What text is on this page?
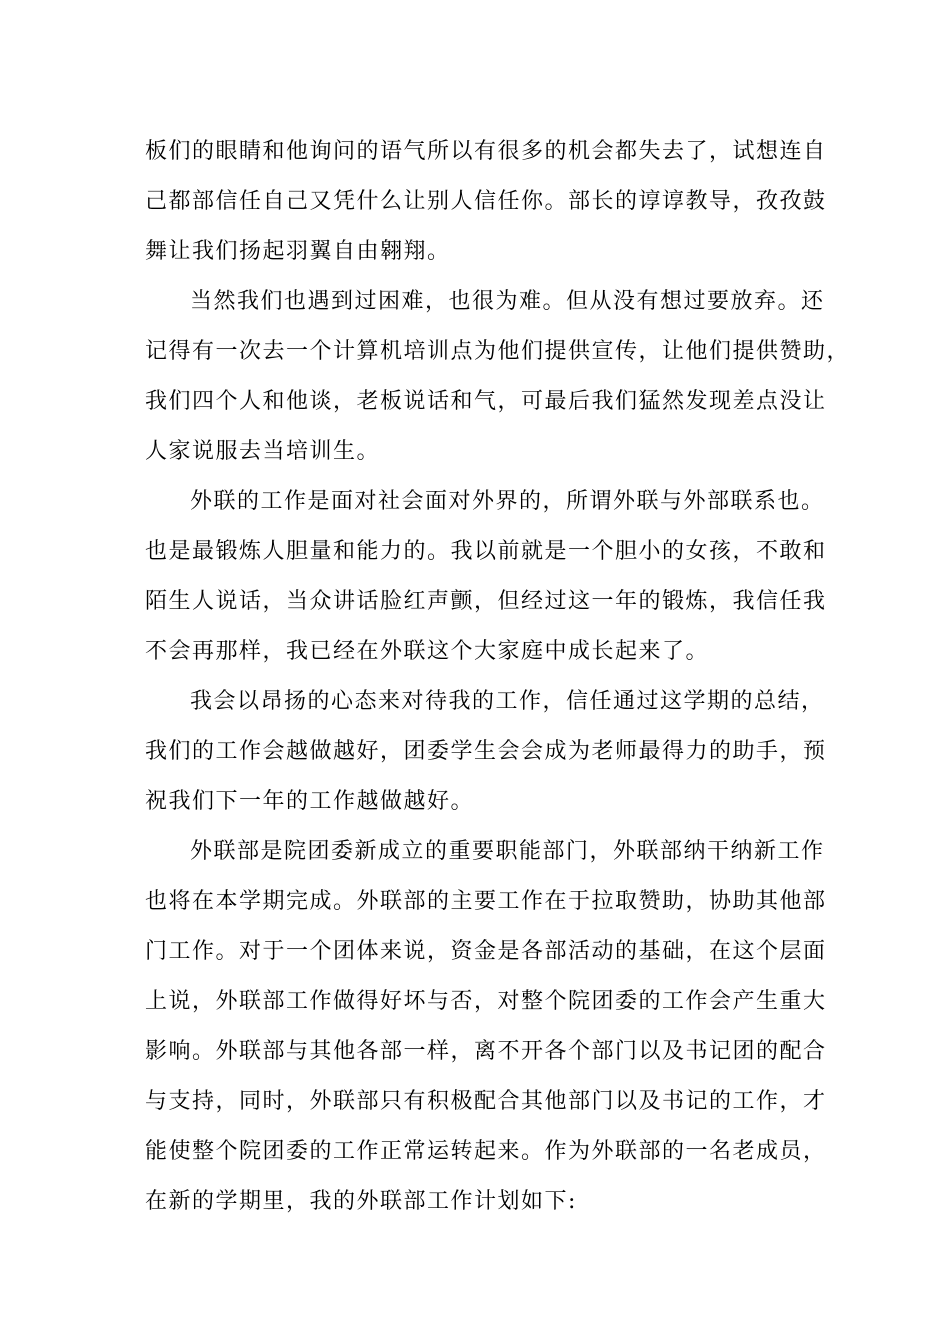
板们的眼睛和他询问的语气所以有很多的机会都失去了，试想连自
己都部信任自己又凭什么让别人信任你。部长的谆谆教导，孜孜鼓
舞让我们扬起羽翼自由翱翔。
当然我们也遇到过困难，也很为难。但从没有想过要放弃。还
记得有一次去一个计算机培训点为他们提供宣传，让他们提供赞助，
我们四个人和他谈，老板说话和气，可最后我们猛然发现差点没让
人家说服去当培训生。
外联的工作是面对社会面对外界的，所谓外联与外部联系也。
也是最锻炼人胆量和能力的。我以前就是一个胆小的女孩，不敢和
陌生人说话，当众讲话脸红声颤，但经过这一年的锻炼，我信任我
不会再那样，我已经在外联这个大家庭中成长起来了。
我会以昂扬的心态来对待我的工作，信任通过这学期的总结，
我们的工作会越做越好，团委学生会会成为老师最得力的助手，预
祝我们下一年的工作越做越好。
外联部是院团委新成立的重要职能部门，外联部纳干纳新工作
也将在本学期完成。外联部的主要工作在于拉取赞助，协助其他部
门工作。对于一个团体来说，资金是各部活动的基础，在这个层面
上说，外联部工作做得好坏与否，对整个院团委的工作会产生重大
影响。外联部与其他各部一样，离不开各个部门以及书记团的配合
与支持，同时，外联部只有积极配合其他部门以及书记的工作，才
能使整个院团委的工作正常运转起来。作为外联部的一名老成员，
在新的学期里，我的外联部工作计划如下:
